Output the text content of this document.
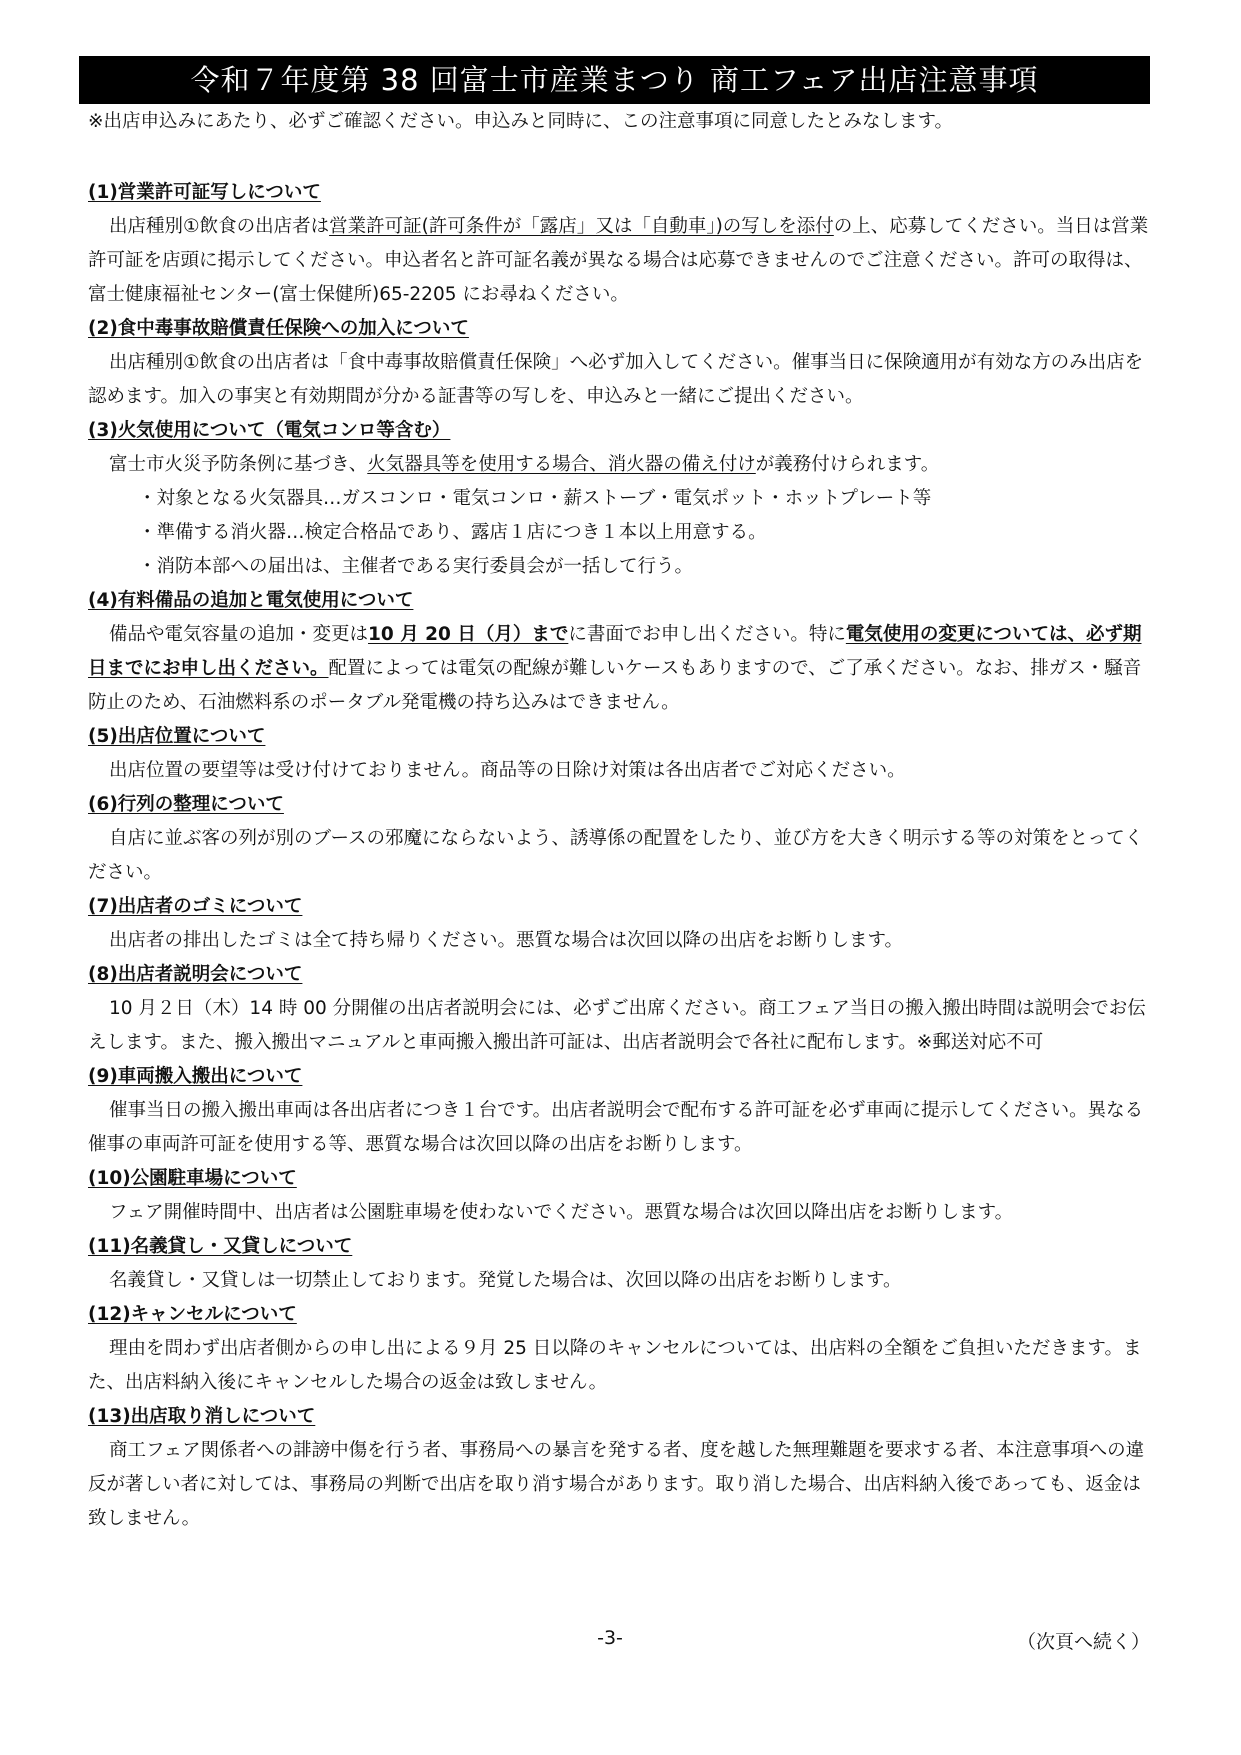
令和７年度第 38 回富士市産業まつり 商工フェア出店注意事項
※出店申込みにあたり、必ずご確認ください。申込みと同時に、この注意事項に同意したとみなします。
(1)営業許可証写しについて
出店種別①飲食の出店者は営業許可証(許可条件が「露店」又は「自動車」)の写しを添付の上、応募してください。当日は営業許可証を店頭に掲示してください。申込者名と許可証名義が異なる場合は応募できませんのでご注意ください。許可の取得は、富士健康福祉センター(富士保健所)65-2205 にお尋ねください。
(2)食中毒事故賠償責任保険への加入について
出店種別①飲食の出店者は「食中毒事故賠償責任保険」へ必ず加入してください。催事当日に保険適用が有効な方のみ出店を認めます。加入の事実と有効期間が分かる証書等の写しを、申込みと一緒にご提出ください。
(3)火気使用について（電気コンロ等含む）
富士市火災予防条例に基づき、火気器具等を使用する場合、消火器の備え付けが義務付けられます。
・対象となる火気器具…ガスコンロ・電気コンロ・薪ストーブ・電気ポット・ホットプレート等
・準備する消火器…検定合格品であり、露店１店につき１本以上用意する。
・消防本部への届出は、主催者である実行委員会が一括して行う。
(4)有料備品の追加と電気使用について
備品や電気容量の追加・変更は10 月 20 日（月）までに書面でお申し出ください。特に電気使用の変更については、必ず期日までにお申し出ください。配置によっては電気の配線が難しいケースもありますので、ご了承ください。なお、排ガス・騒音防止のため、石油燃料系のポータブル発電機の持ち込みはできません。
(5)出店位置について
出店位置の要望等は受け付けておりません。商品等の日除け対策は各出店者でご対応ください。
(6)行列の整理について
自店に並ぶ客の列が別のブースの邪魔にならないよう、誘導係の配置をしたり、並び方を大きく明示する等の対策をとってください。
(7)出店者のゴミについて
出店者の排出したゴミは全て持ち帰りください。悪質な場合は次回以降の出店をお断りします。
(8)出店者説明会について
10 月２日（木）14 時 00 分開催の出店者説明会には、必ずご出席ください。商工フェア当日の搬入搬出時間は説明会でお伝えします。また、搬入搬出マニュアルと車両搬入搬出許可証は、出店者説明会で各社に配布します。※郵送対応不可
(9)車両搬入搬出について
催事当日の搬入搬出車両は各出店者につき１台です。出店者説明会で配布する許可証を必ず車両に提示してください。異なる催事の車両許可証を使用する等、悪質な場合は次回以降の出店をお断りします。
(10)公園駐車場について
フェア開催時間中、出店者は公園駐車場を使わないでください。悪質な場合は次回以降出店をお断りします。
(11)名義貸し・又貸しについて
名義貸し・又貸しは一切禁止しております。発覚した場合は、次回以降の出店をお断りします。
(12)キャンセルについて
理由を問わず出店者側からの申し出による９月 25 日以降のキャンセルについては、出店料の全額をご負担いただきます。また、出店料納入後にキャンセルした場合の返金は致しません。
(13)出店取り消しについて
商工フェア関係者への誹謗中傷を行う者、事務局への暴言を発する者、度を越した無理難題を要求する者、本注意事項への違反が著しい者に対しては、事務局の判断で出店を取り消す場合があります。取り消した場合、出店料納入後であっても、返金は致しません。
-3-	（次頁へ続く）
